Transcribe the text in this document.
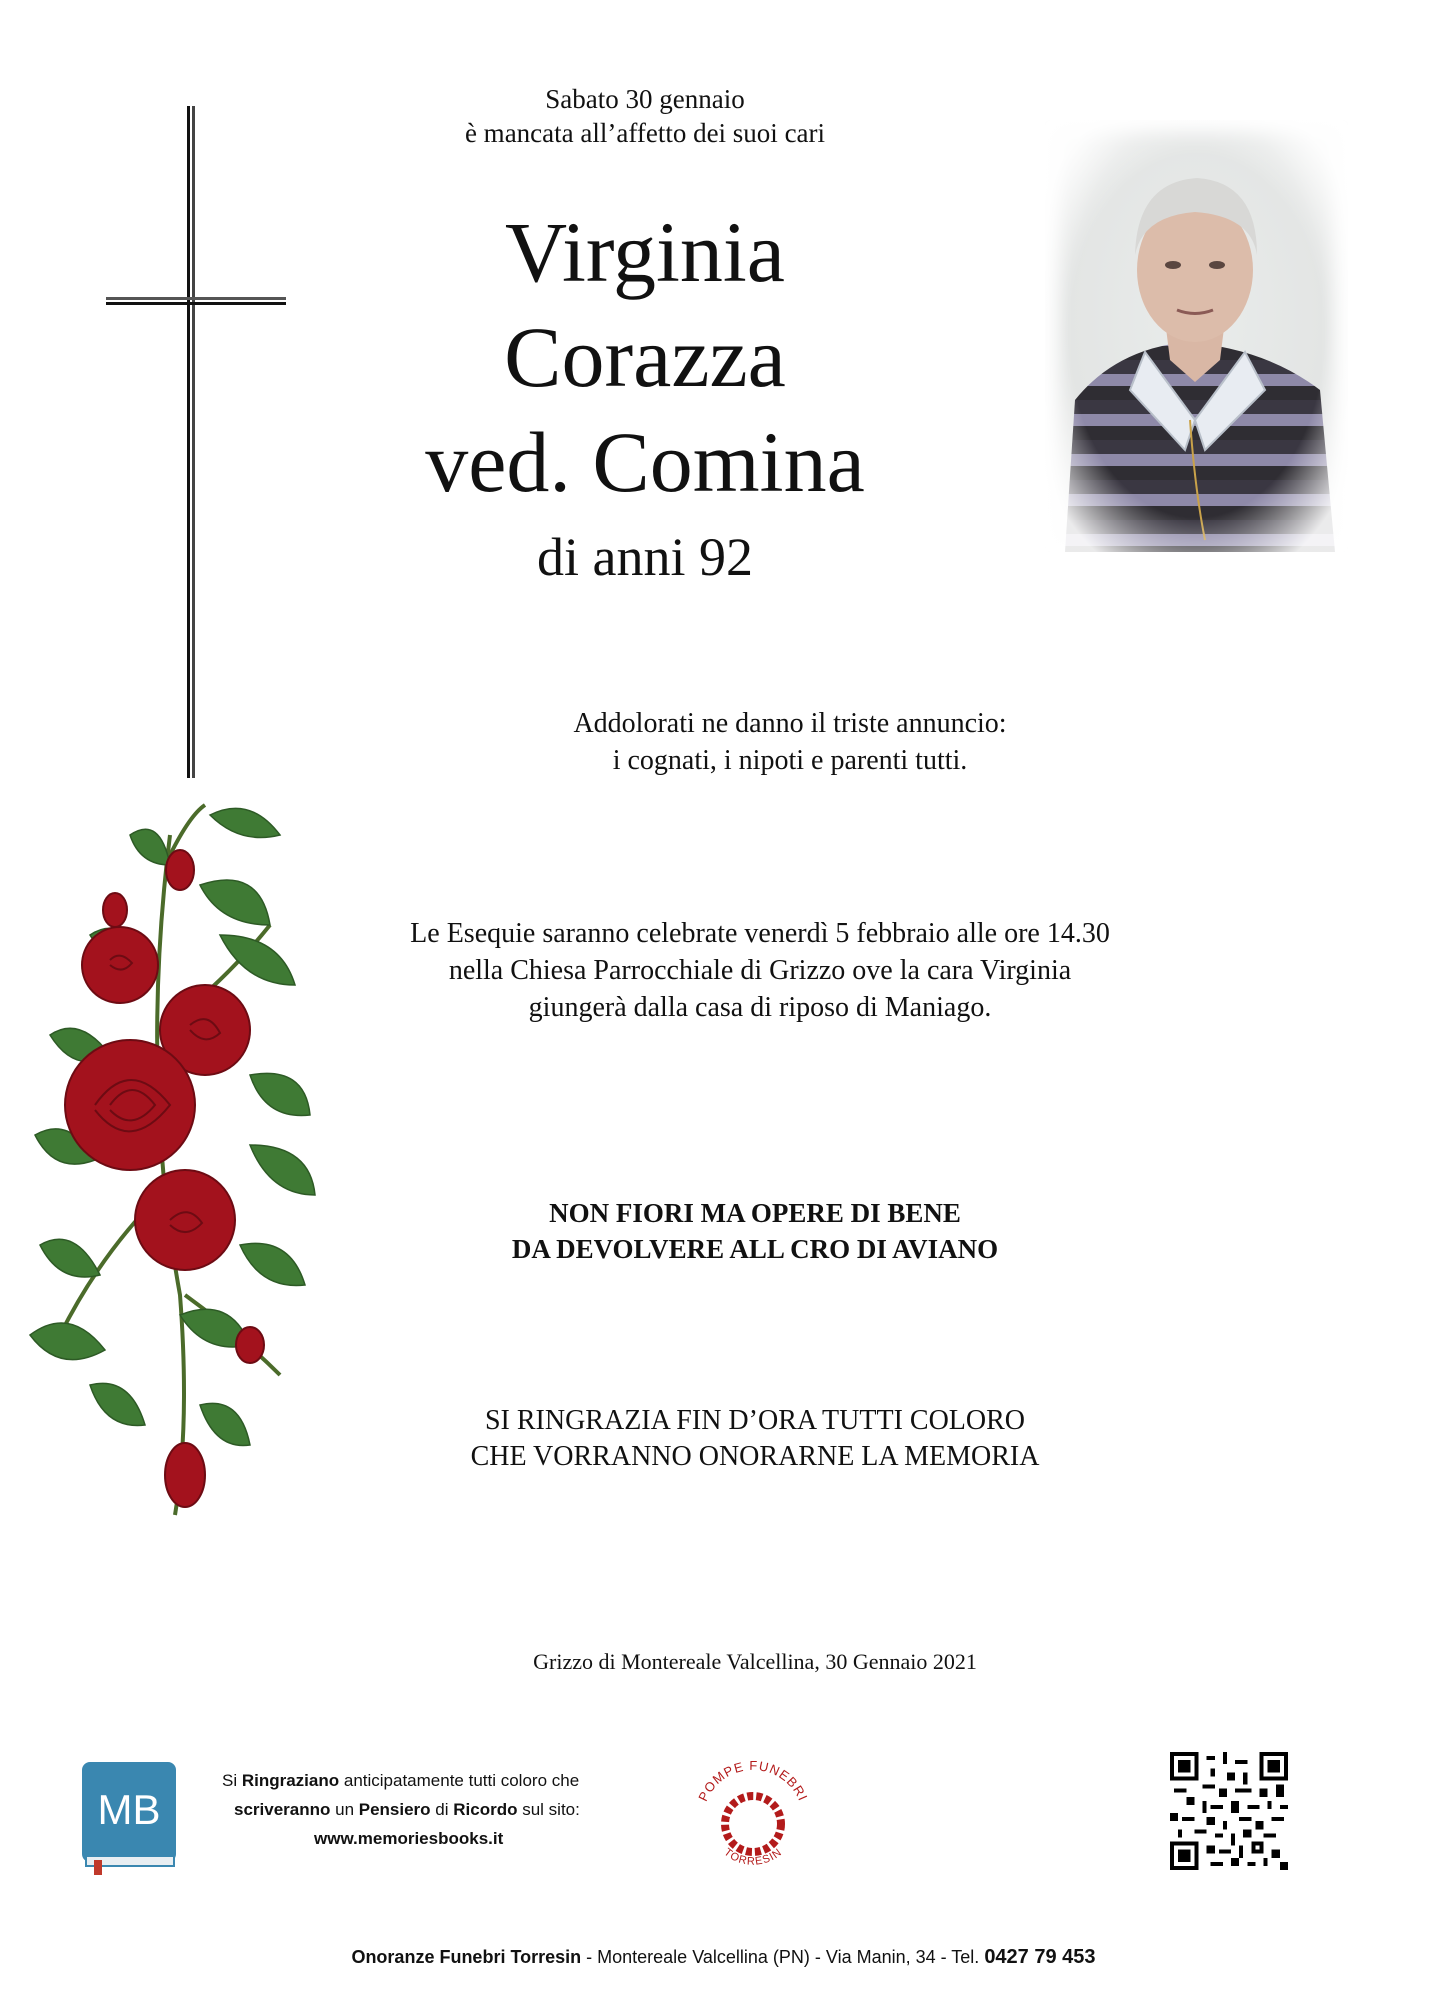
Sabato 30 gennaio
è mancata all’affetto dei suoi cari
Virginia
Corazza
ved. Comina
di anni 92
Addolorati ne danno il triste annuncio:
i cognati, i nipoti e parenti tutti.
Le Esequie saranno celebrate venerdì 5 febbraio alle ore 14.30
nella Chiesa Parrocchiale di Grizzo ove la cara Virginia
giungerà dalla casa di riposo di Maniago.
NON FIORI MA OPERE DI BENE
DA DEVOLVERE ALL CRO DI AVIANO
SI RINGRAZIA FIN D’ORA TUTTI COLORO
CHE VORRANNO ONORARNE LA MEMORIA
Grizzo di Montereale Valcellina, 30 Gennaio 2021
MB
Si Ringraziano anticipatamente tutti coloro che
scriveranno un Pensiero di Ricordo sul sito:
www.memoriesbooks.it
POMPE FUNEBRI
TORRESIN
Onoranze Funebri Torresin - Montereale Valcellina (PN) - Via Manin, 34 - Tel. 0427 79 453
